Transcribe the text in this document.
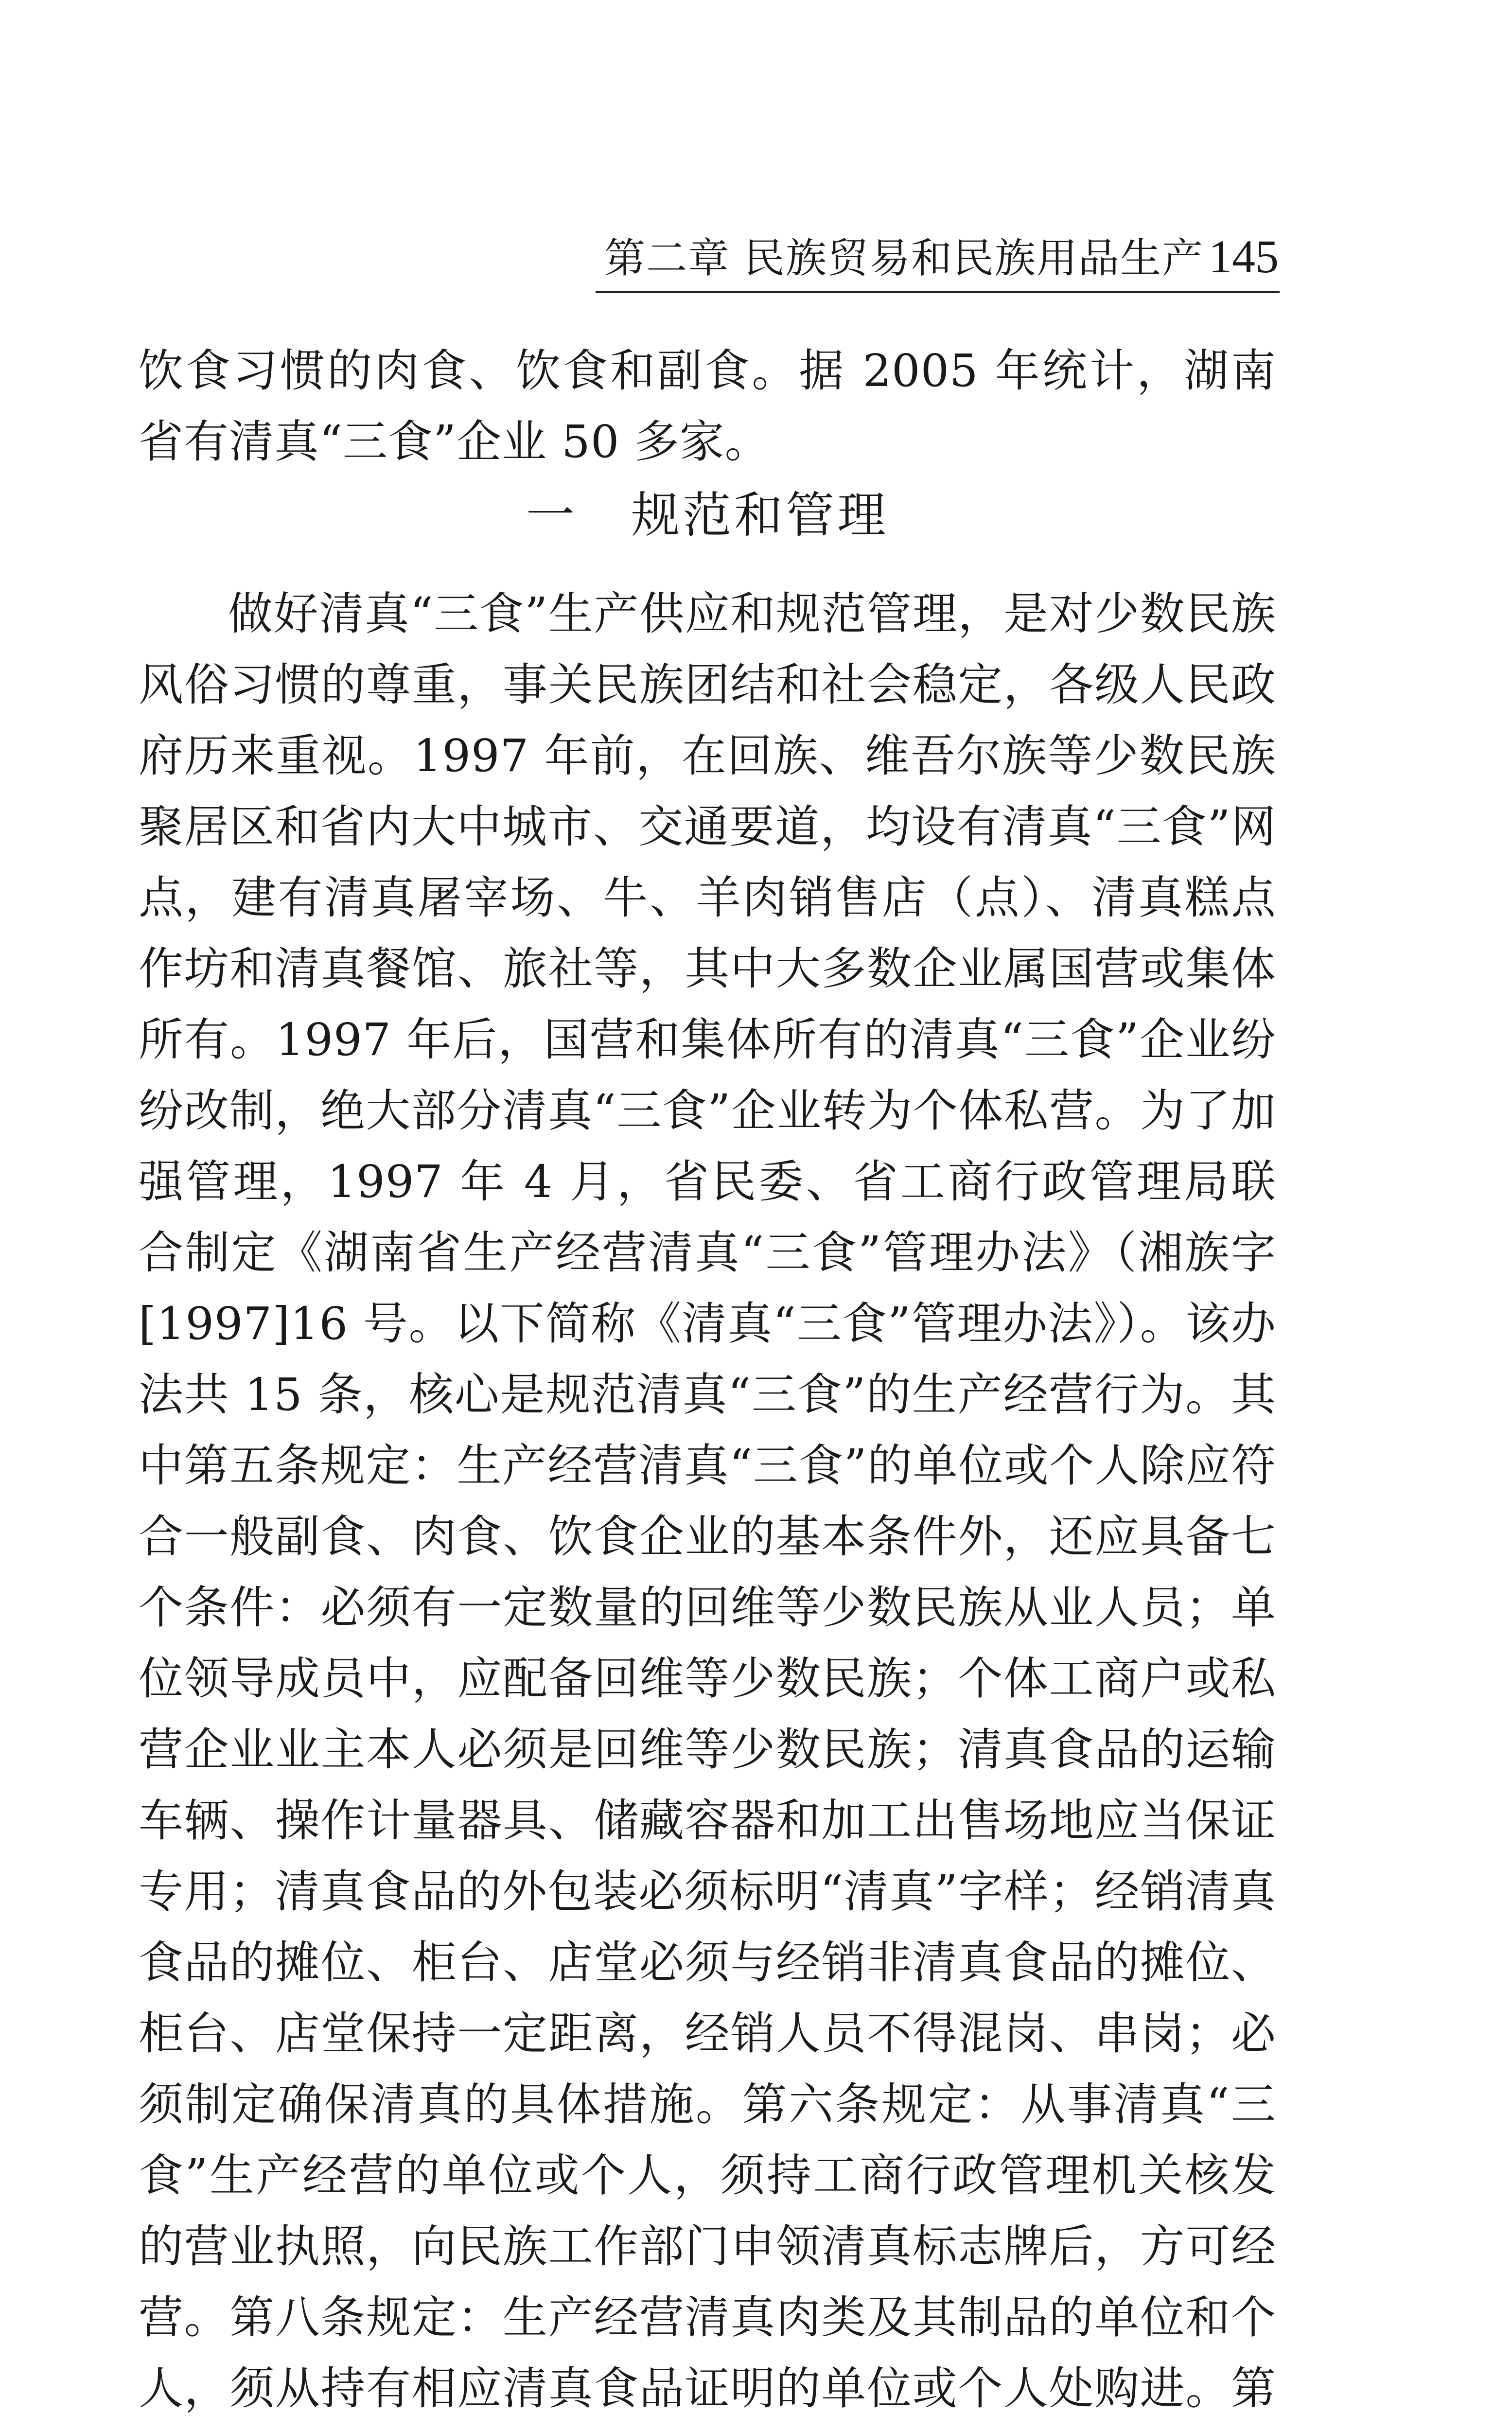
第二章 民族贸易和民族用品生产 145

饮食习惯的肉食、饮食和副食。据 2005 年统计，湖南省有清真“三食”企业 50 多家。

一 规范和管理

做好清真“三食”生产供应和规范管理，是对少数民族风俗习惯的尊重，事关民族团结和社会稳定，各级人民政府历来重视。1997 年前，在回族、维吾尔族等少数民族聚居区和省内大中城市、交通要道，均设有清真“三食”网点，建有清真屠宰场、牛、羊肉销售店（点）、清真糕点作坊和清真餐馆、旅社等，其中大多数企业属国营或集体所有。1997 年后，国营和集体所有的清真“三食”企业纷纷改制，绝大部分清真“三食”企业转为个体私营。为了加强管理，1997 年 4 月，省民委、省工商行政管理局联合制定《湖南省生产经营清真“三食”管理办法》（湘族字[1997]16 号。以下简称《清真“三食”管理办法》）。该办法共 15 条，核心是规范清真“三食”的生产经营行为。其中第五条规定：生产经营清真“三食”的单位或个人除应符合一般副食、肉食、饮食企业的基本条件外，还应具备七个条件：必须有一定数量的回维等少数民族从业人员；单位领导成员中，应配备回维等少数民族；个体工商户或私营企业业主本人必须是回维等少数民族；清真食品的运输车辆、操作计量器具、储藏容器和加工出售场地应当保证专用；清真食品的外包装必须标明“清真”字样；经销清真食品的摊位、柜台、店堂必须与经销非清真食品的摊位、柜台、店堂保持一定距离，经销人员不得混岗、串岗；必须制定确保清真的具体措施。第六条规定：从事清真“三食”生产经营的单位或个人，须持工商行政管理机关核发的营业执照，向民族工作部门申领清真标志牌后，方可经营。第八条规定：生产经营清真肉类及其制品的单位和个人，须从持有相应清真食品证明的单位或个人处购进。第
